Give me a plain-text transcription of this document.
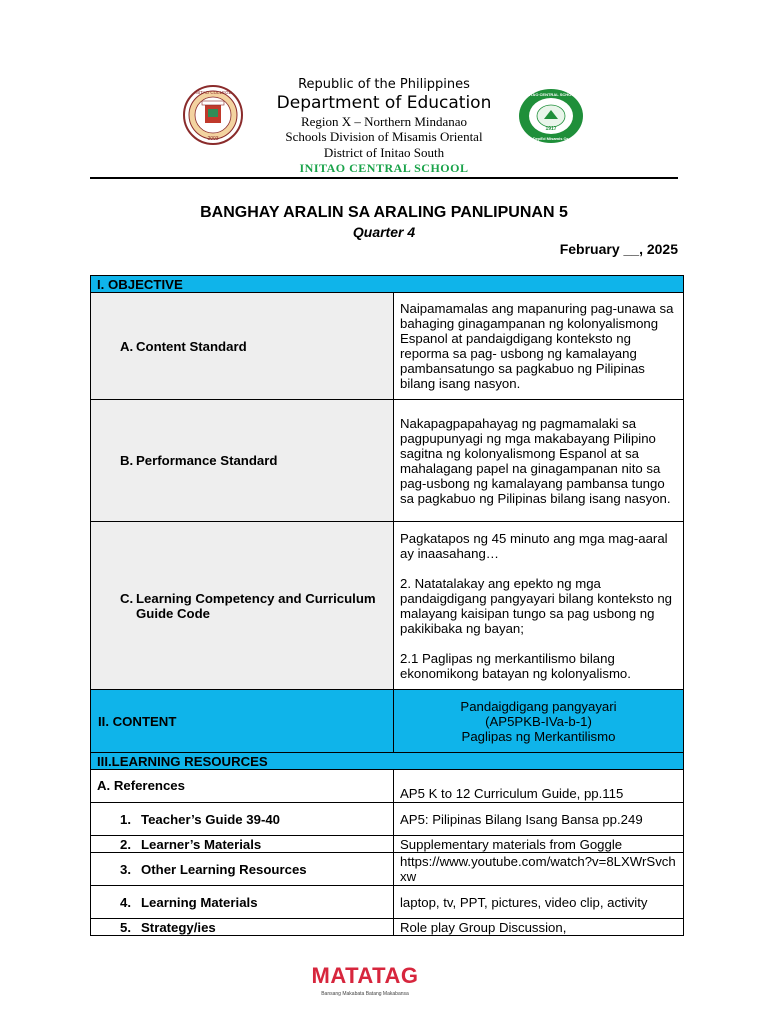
INITAO COLLEGE
2003
1917
INITAO CENTRAL SCHOOL
DepEd Misamis Or.
Republic of the Philippines
Department of Education
Region X – Northern Mindanao
Schools Division of Misamis Oriental
District of Initao South
INITAO CENTRAL SCHOOL
BANGHAY ARALIN SA ARALING PANLIPUNAN 5
Quarter 4
February __, 2025
I. OBJECTIVE	

A. Content Standard	Naipamamalas ang mapanuring pag-unawa sa bahaging ginagampanan ng kolonyalismong Espanol at pandaigdigang konteksto ng reporma sa pag- usbong ng kamalayang pambansatungo sa pagkabuo ng Pilipinas bilang isang nasyon.

B. Performance Standard	Nakapagpapahayag ng pagmamalaki sa pagpupunyagi ng mga makabayang Pilipino sagitna ng kolonyalismong Espanol at sa mahalagang papel na ginagampanan nito sa pag-usbong ng kamalayang pambansa tungo sa pagkabuo ng Pilipinas bilang isang nasyon.

C. Learning Competency and Curriculum Guide Code	Pagkatapos ng 45 minuto ang mga mag-aaral ay inaasahang…

2. Natatalakay ang epekto ng mga pandaigdigang pangyayari bilang konteksto ng malayang kaisipan tungo sa pag usbong ng pakikibaka ng bayan;

2.1 Paglipas ng merkantilismo bilang ekonomikong batayan ng kolonyalismo.
II. CONTENT	Pandaigdigang pangyayari
(AP5PKB-IVa-b-1)
Paglipas ng Merkantilismo
III.LEARNING RESOURCES	
A. References	AP5 K to 12 Curriculum Guide, pp.115

1. Teacher’s Guide 39-40	AP5: Pilipinas Bilang Isang Bansa pp.249

2. Learner’s Materials	Supplementary materials from Goggle

3. Other Learning Resources	https://www.youtube.com/watch?v=8LXWrSvchxw

4. Learning Materials	laptop, tv, PPT, pictures, video clip, activity

5. Strategy/ies	Role play Group Discussion,
MATATAG
Bansang Makabata Batang Makabansa
